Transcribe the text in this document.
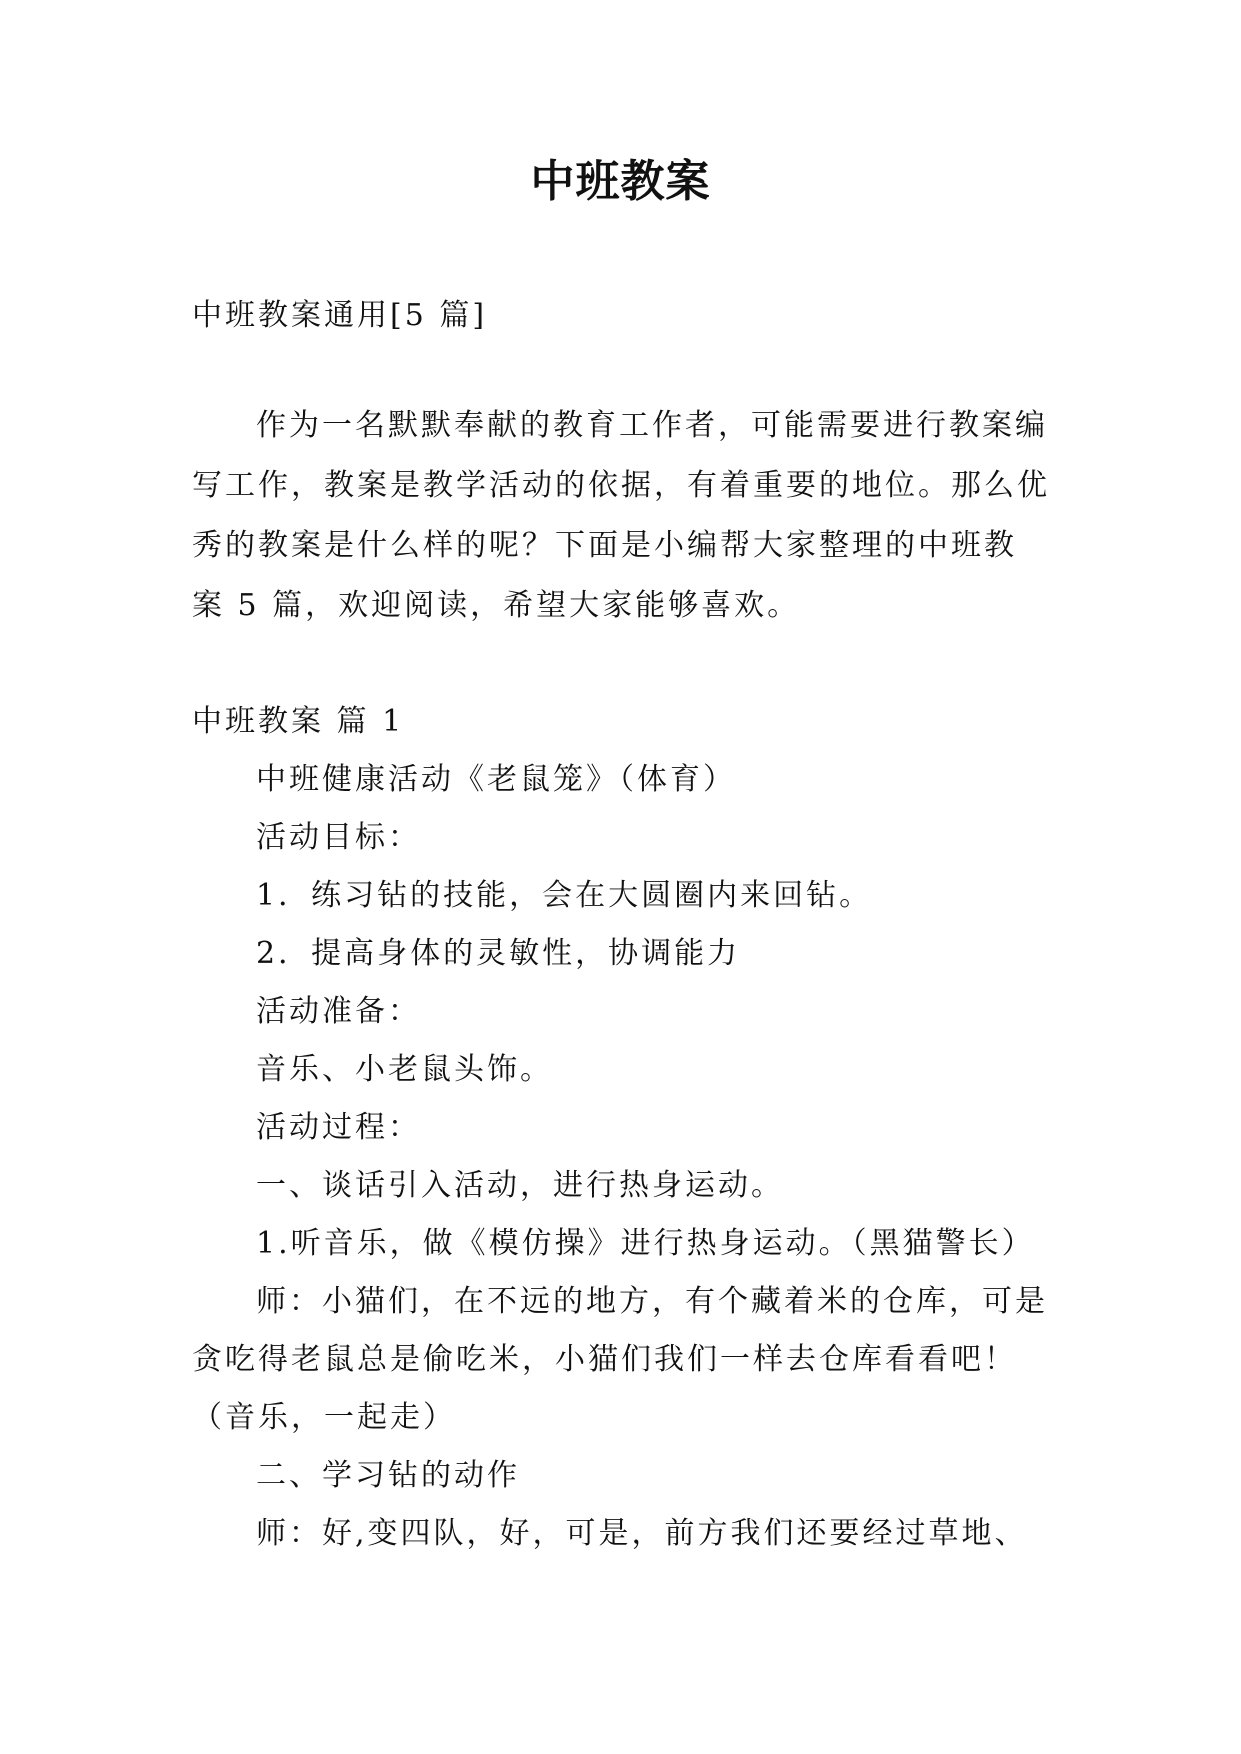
中班教案
中班教案通用[5 篇]
作为一名默默奉献的教育工作者，可能需要进行教案编
写工作，教案是教学活动的依据，有着重要的地位。那么优
秀的教案是什么样的呢？下面是小编帮大家整理的中班教
案 5 篇，欢迎阅读，希望大家能够喜欢。
中班教案 篇 1
中班健康活动《老鼠笼》（体育）
活动目标：
1．练习钻的技能，会在大圆圈内来回钻。
2．提高身体的灵敏性，协调能力
活动准备：
音乐、小老鼠头饰。
活动过程：
一、谈话引入活动，进行热身运动。
1.听音乐，做《模仿操》进行热身运动。（黑猫警长）
师：小猫们，在不远的地方，有个藏着米的仓库，可是
贪吃得老鼠总是偷吃米，小猫们我们一样去仓库看看吧！
（音乐，一起走）
二、学习钻的动作
师：好,变四队，好，可是，前方我们还要经过草地、
